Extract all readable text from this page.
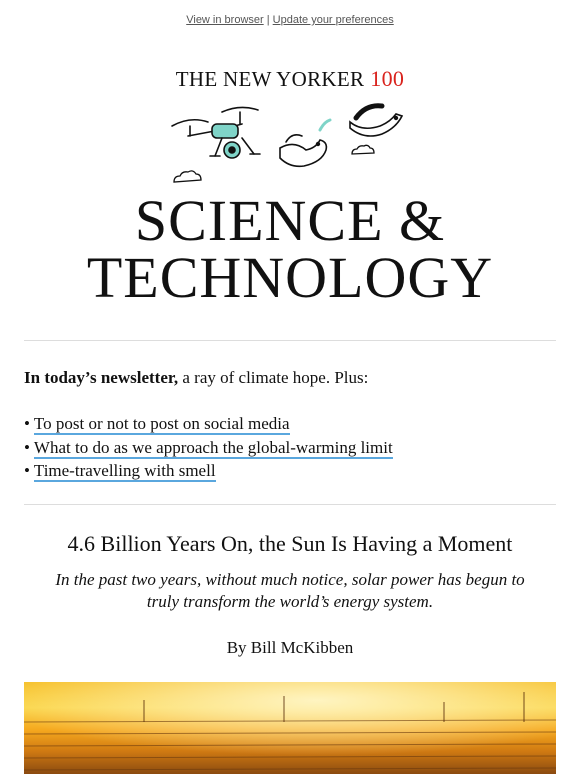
View in browser | Update your preferences
THE NEW YORKER 100
SCIENCE &
TECHNOLOGY
In today’s newsletter, a ray of climate hope. Plus:
• To post or not to post on social media
• What to do as we approach the global-warming limit
• Time-travelling with smell
4.6 Billion Years On, the Sun Is Having a Moment
In the past two years, without much notice, solar power has begun to truly transform the world’s energy system.
By Bill McKibben
